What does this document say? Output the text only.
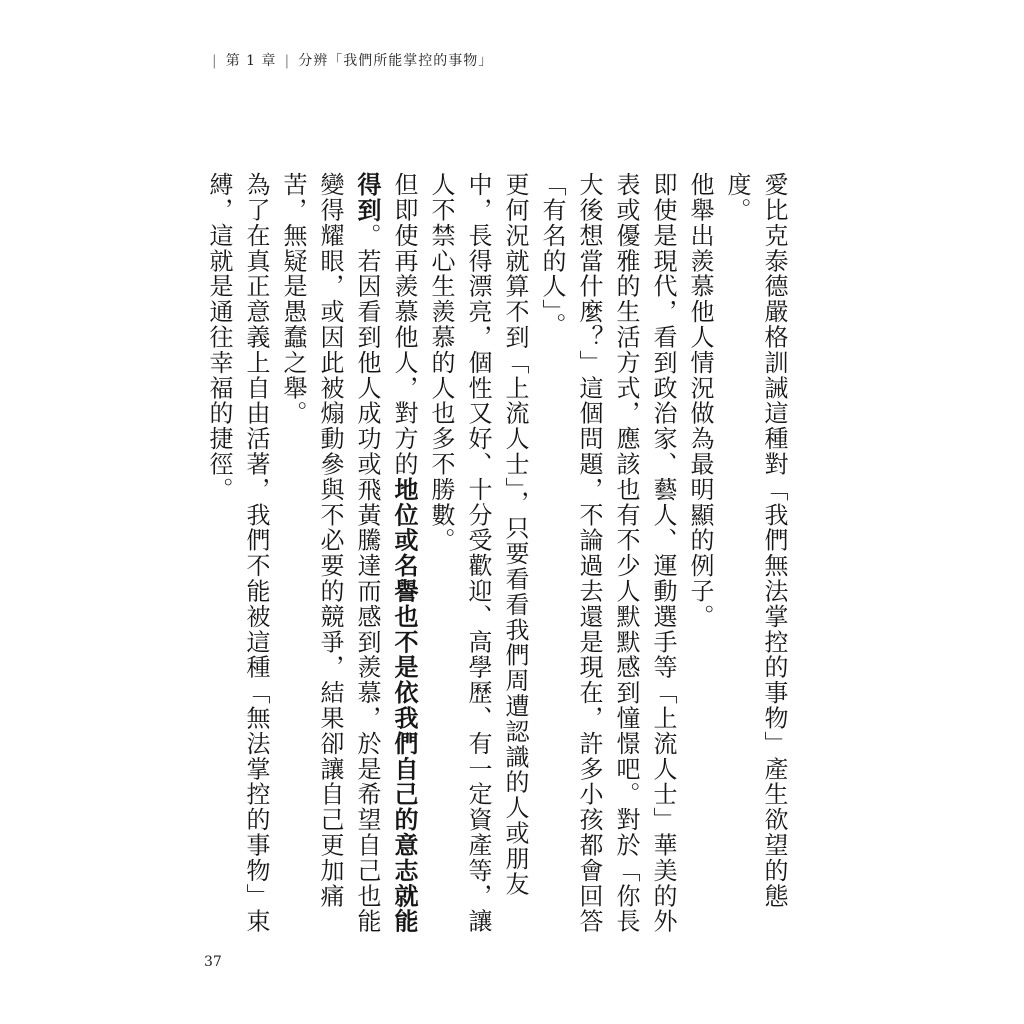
| 第 1 章 | 分辨「我們所能掌控的事物」

愛比克泰德嚴格訓誡這種對「我們無法掌控的事物」產生欲望的態度。

他舉出羨慕他人情況做為最明顯的例子。

即使是現代，看到政治家、藝人、運動選手等「上流人士」華美的外表或優雅的生活方式，應該也有不少人默默感到憧憬吧。對於「你長大後想當什麼？」這個問題，不論過去還是現在，許多小孩都會回答「有名的人」。

更何況就算不到「上流人士」，只要看看我們周遭認識的人或朋友中，長得漂亮，個性又好、十分受歡迎、高學歷、有一定資產等，讓人不禁心生羨慕的人也多不勝數。

但即使再羨慕他人，對方的地位或名譽也不是依我們自己的意志就能得到。若因看到他人成功或飛黃騰達而感到羨慕，於是希望自己也能變得耀眼，或因此被煽動參與不必要的競爭，結果卻讓自己更加痛苦，無疑是愚蠢之舉。

為了在真正意義上自由活著，我們不能被這種「無法掌控的事物」束縛，這就是通往幸福的捷徑。

37
